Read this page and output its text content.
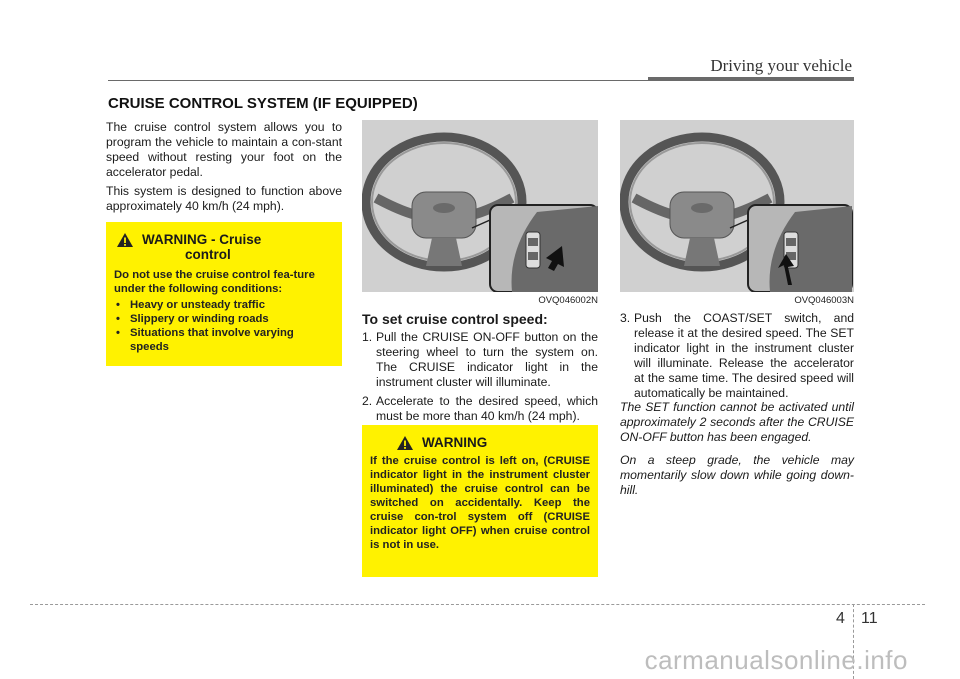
Driving your vehicle
CRUISE CONTROL SYSTEM (IF EQUIPPED)

The cruise control system allows you to program the vehicle to maintain a con-stant speed without resting your foot on the accelerator pedal.

This system is designed to function above approximately 40 km/h (24 mph).

WARNING - Cruise
control

Do not use the cruise control fea-ture under the following conditions:

• Heavy or unsteady traffic
• Slippery or winding roads
• Situations that involve varying speeds
OVQ046002N	OVQ046003N
To set cruise control speed:
1. Pull the CRUISE ON-OFF button on the steering wheel to turn the system on. The CRUISE indicator light in the instrument cluster will illuminate.
2. Accelerate to the desired speed, which must be more than 40 km/h (24 mph).
WARNING

If the cruise control is left on, (CRUISE indicator light in the instrument cluster illuminated) the cruise control can be switched on accidentally. Keep the cruise con-trol system off (CRUISE indicator light OFF) when cruise control is not in use.

3. Push the COAST/SET switch, and release it at the desired speed. The SET indicator light in the instrument cluster will illuminate. Release the accelerator at the same time. The desired speed will automatically be maintained.

The SET function cannot be activated until approximately 2 seconds after the CRUISE ON-OFF button has been engaged.

On a steep grade, the vehicle may momentarily slow down while going down-hill.

4 11
carmanualsonline.info
